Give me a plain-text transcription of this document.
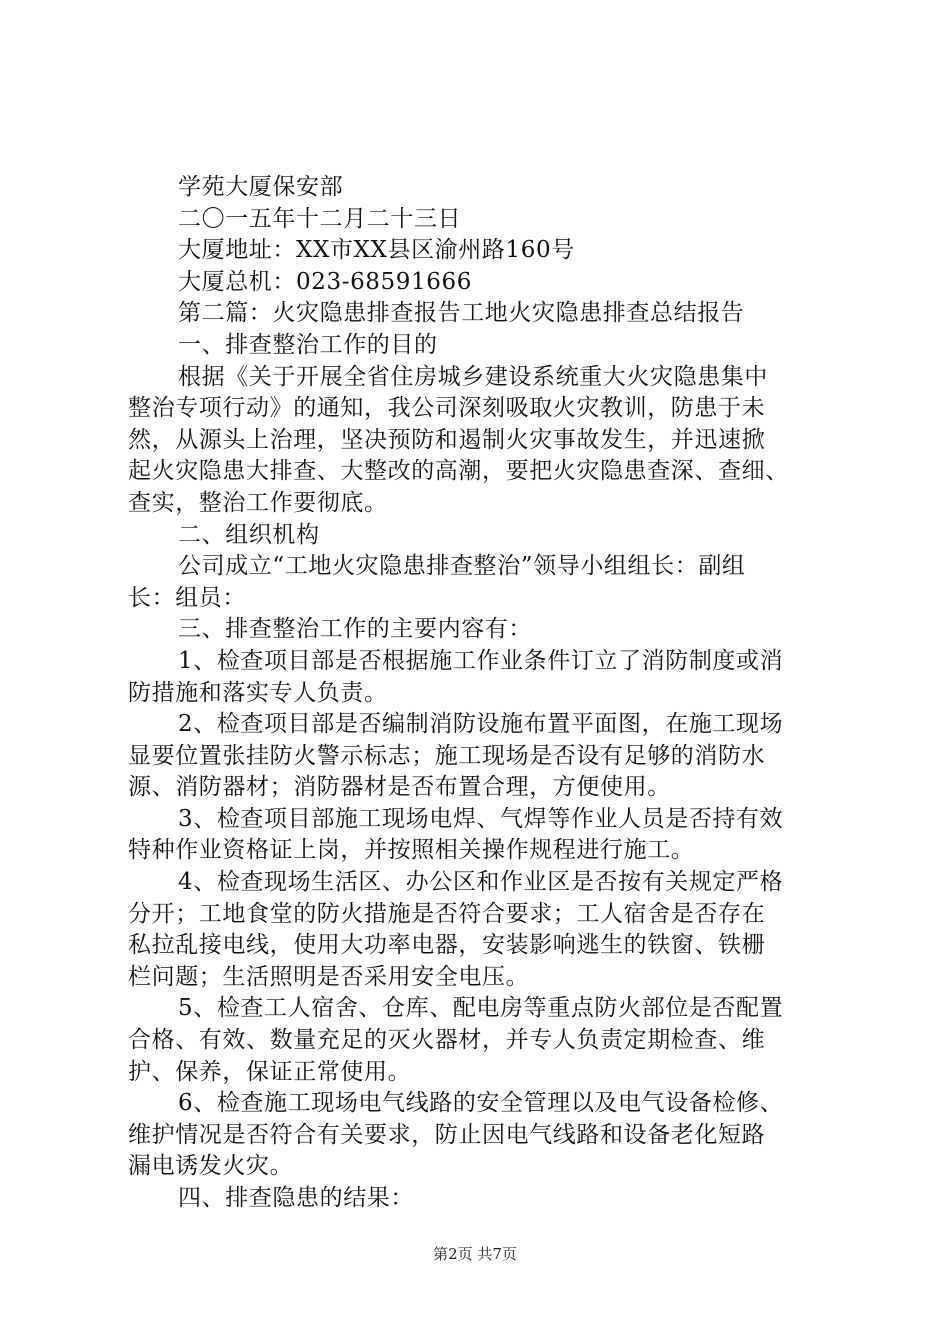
学苑大厦保安部
二〇一五年十二月二十三日
大厦地址：XX市XX县区渝州路160号
大厦总机：023-68591666
第二篇：火灾隐患排查报告工地火灾隐患排查总结报告
一、排查整治工作的目的
根据《关于开展全省住房城乡建设系统重大火灾隐患集中
整治专项行动》的通知，我公司深刻吸取火灾教训，防患于未
然，从源头上治理，坚决预防和遏制火灾事故发生，并迅速掀
起火灾隐患大排查、大整改的高潮，要把火灾隐患查深、查细、
查实，整治工作要彻底。
二、组织机构
公司成立“工地火灾隐患排查整治”领导小组组长：副组
长：组员：
三、排查整治工作的主要内容有：
1、检查项目部是否根据施工作业条件订立了消防制度或消
防措施和落实专人负责。
2、检查项目部是否编制消防设施布置平面图，在施工现场
显要位置张挂防火警示标志；施工现场是否设有足够的消防水
源、消防器材；消防器材是否布置合理，方便使用。
3、检查项目部施工现场电焊、气焊等作业人员是否持有效
特种作业资格证上岗，并按照相关操作规程进行施工。
4、检查现场生活区、办公区和作业区是否按有关规定严格
分开；工地食堂的防火措施是否符合要求；工人宿舍是否存在
私拉乱接电线，使用大功率电器，安装影响逃生的铁窗、铁栅
栏问题；生活照明是否采用安全电压。
5、检查工人宿舍、仓库、配电房等重点防火部位是否配置
合格、有效、数量充足的灭火器材，并专人负责定期检查、维
护、保养，保证正常使用。
6、检查施工现场电气线路的安全管理以及电气设备检修、
维护情况是否符合有关要求，防止因电气线路和设备老化短路
漏电诱发火灾。
四、排查隐患的结果：
第2页 共7页
